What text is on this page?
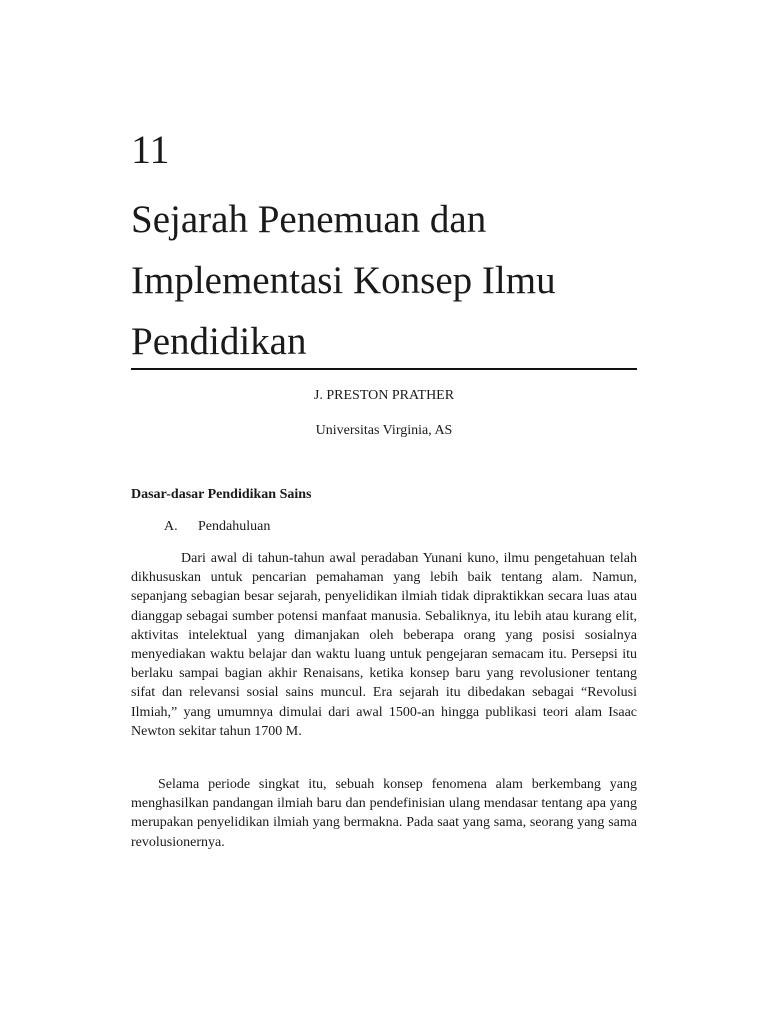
11
Sejarah Penemuan dan Implementasi Konsep Ilmu Pendidikan
J. PRESTON PRATHER
Universitas Virginia, AS
Dasar-dasar Pendidikan Sains
A. Pendahuluan

Dari awal di tahun-tahun awal peradaban Yunani kuno, ilmu pengetahuan telah dikhususkan untuk pencarian pemahaman yang lebih baik tentang alam. Namun, sepanjang sebagian besar sejarah, penyelidikan ilmiah tidak dipraktikkan secara luas atau dianggap sebagai sumber potensi manfaat manusia. Sebaliknya, itu lebih atau kurang elit, aktivitas intelektual yang dimanjakan oleh beberapa orang yang posisi sosialnya menyediakan waktu belajar dan waktu luang untuk pengejaran semacam itu. Persepsi itu berlaku sampai bagian akhir Renaisans, ketika konsep baru yang revolusioner tentang sifat dan relevansi sosial sains muncul. Era sejarah itu dibedakan sebagai “Revolusi Ilmiah,” yang umumnya dimulai dari awal 1500-an hingga publikasi teori alam Isaac Newton sekitar tahun 1700 M.

Selama periode singkat itu, sebuah konsep fenomena alam berkembang yang menghasilkan pandangan ilmiah baru dan pendefinisian ulang mendasar tentang apa yang merupakan penyelidikan ilmiah yang bermakna. Pada saat yang sama, seorang yang sama revolusionernya.
